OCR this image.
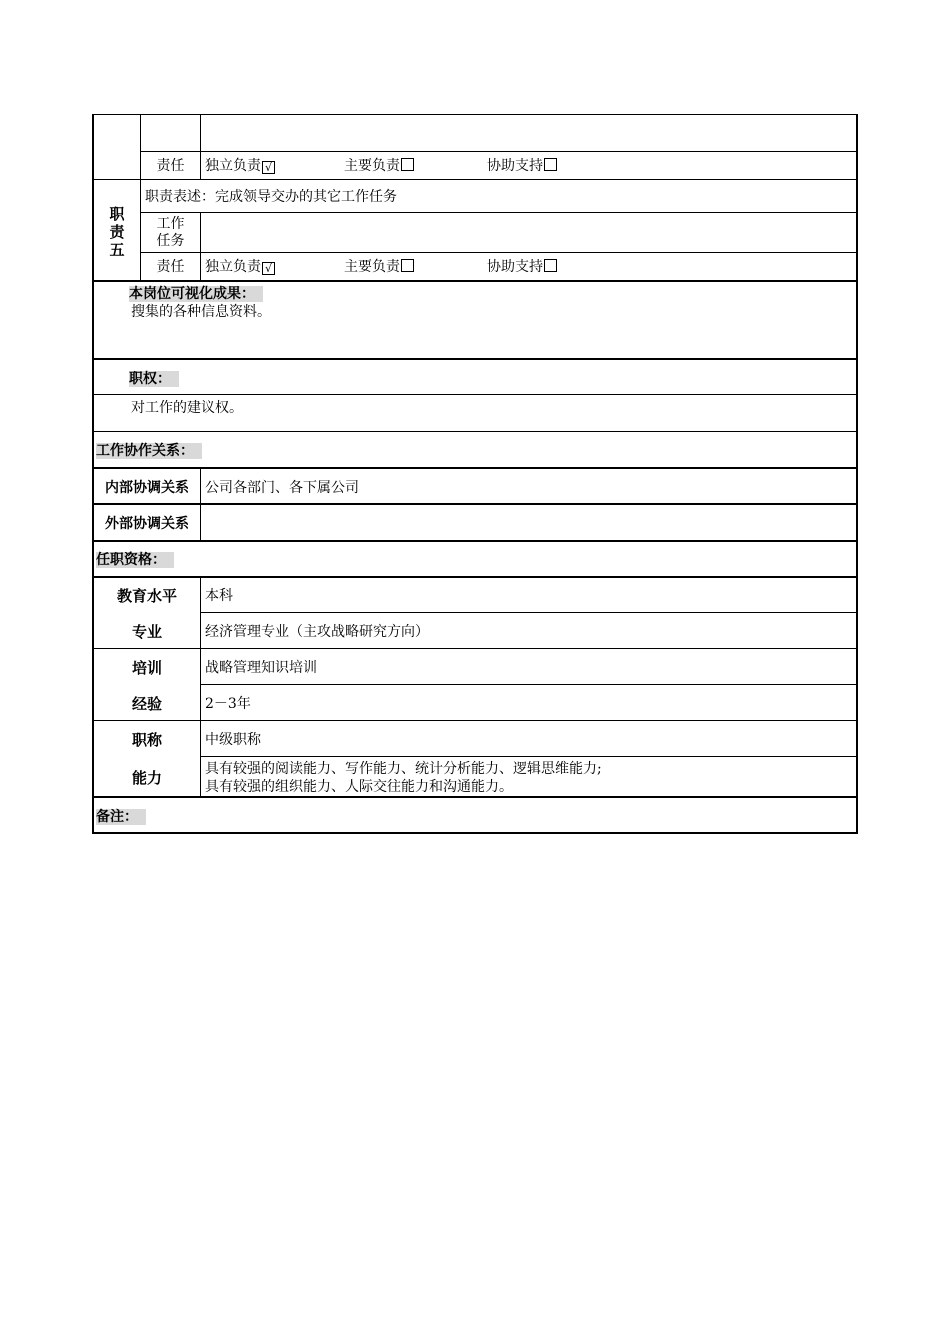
责任	独立负责 √	主要负责	协助支持
职
责
五
职责表述：完成领导交办的其它工作任务
工作
任务
责任	独立负责 √	主要负责	协助支持
本岗位可视化成果：
搜集的各种信息资料。
职权：
对工作的建议权。
工作协作关系：
内部协调关系	公司各部门、各下属公司
外部协调关系
任职资格：
教育水平	本科
专业	经济管理专业（主攻战略研究方向）
培训	战略管理知识培训
经验	2－3年
职称	中级职称
能力	具有较强的阅读能力、写作能力、统计分析能力、逻辑思维能力;
具有较强的组织能力、人际交往能力和沟通能力。
备注：
